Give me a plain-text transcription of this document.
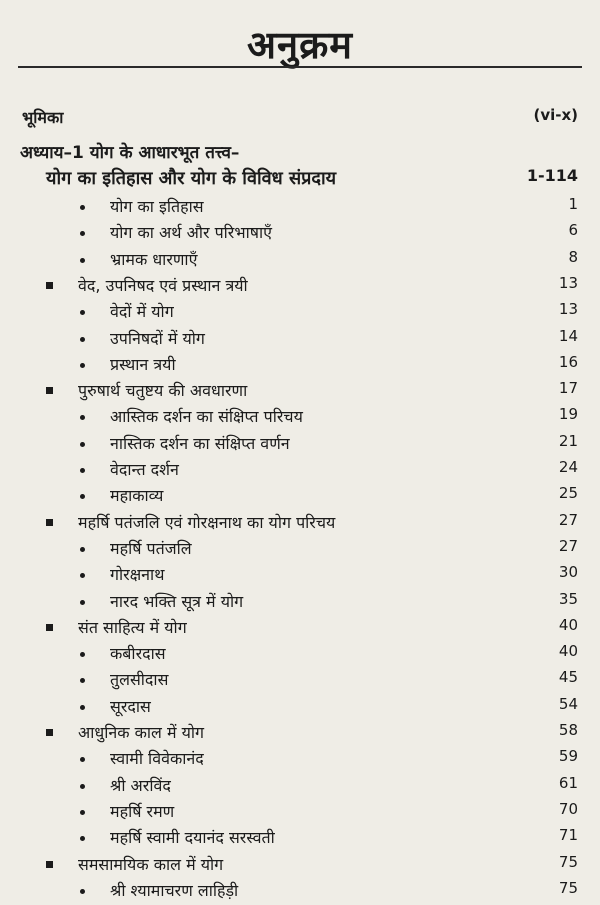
अनुक्रम
भूमिका	(vi-x)
अध्याय–1 योग के आधारभूत तत्त्व–
योग का इतिहास और योग के विविध संप्रदाय	1-114
योग का इतिहास	1
योग का अर्थ और परिभाषाएँ	6
भ्रामक धारणाएँ	8
वेद, उपनिषद एवं प्रस्थान त्रयी	13
वेदों में योग	13
उपनिषदों में योग	14
प्रस्थान त्रयी	16
पुरुषार्थ चतुष्टय की अवधारणा	17
आस्तिक दर्शन का संक्षिप्त परिचय	19
नास्तिक दर्शन का संक्षिप्त वर्णन	21
वेदान्त दर्शन	24
महाकाव्य	25
महर्षि पतंजलि एवं गोरक्षनाथ का योग परिचय	27
महर्षि पतंजलि	27
गोरक्षनाथ	30
नारद भक्ति सूत्र में योग	35
संत साहित्य में योग	40
कबीरदास	40
तुलसीदास	45
सूरदास	54
आधुनिक काल में योग	58
स्वामी विवेकानंद	59
श्री अरविंद	61
महर्षि रमण	70
महर्षि स्वामी दयानंद सरस्वती	71
समसामयिक काल में योग	75
श्री श्यामाचरण लाहिड़ी	75
